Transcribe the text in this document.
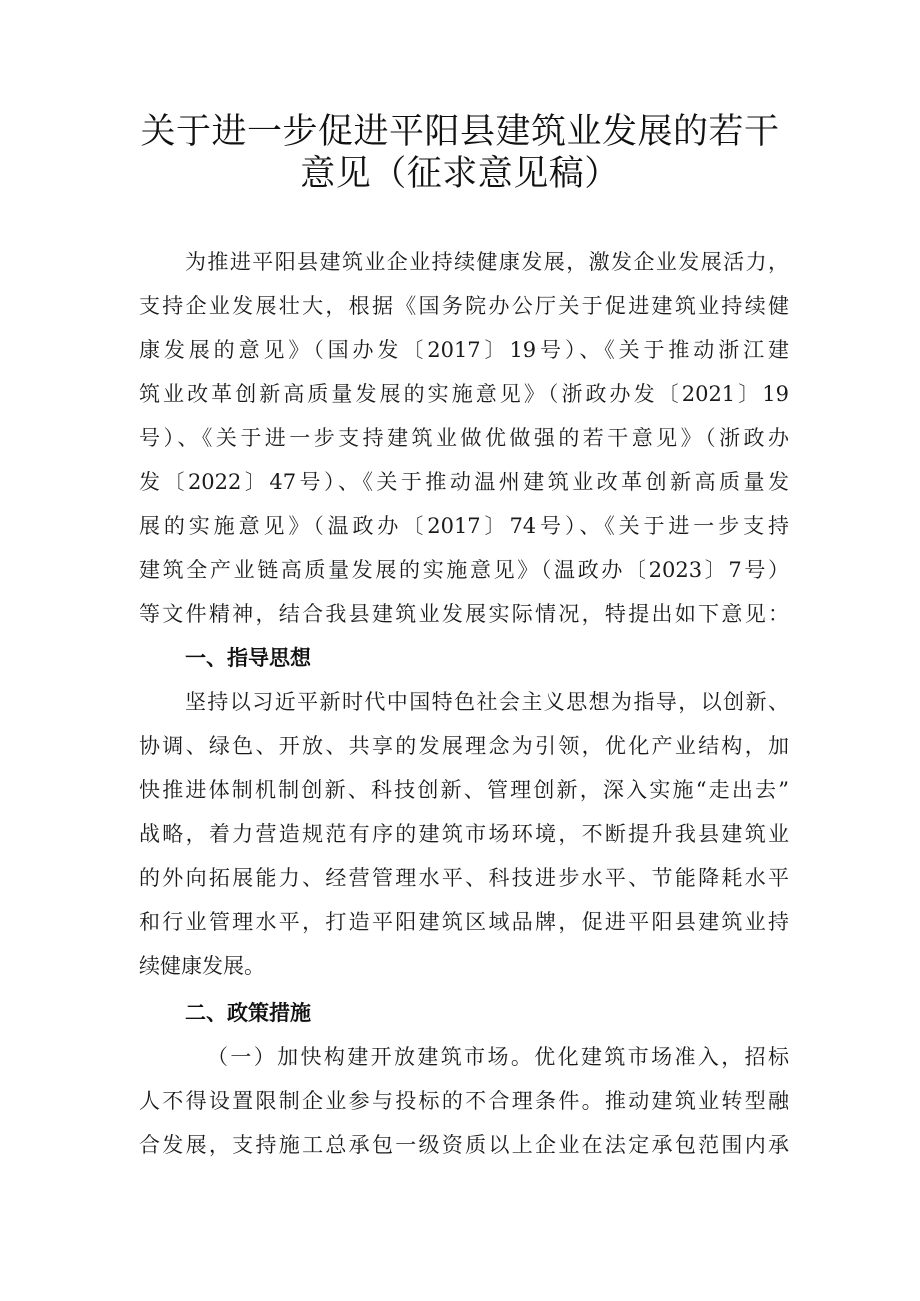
关于进一步促进平阳县建筑业发展的若干
意见（征求意见稿）
为推进平阳县建筑业企业持续健康发展，激发企业发展活力，
支持企业发展壮大，根据《国务院办公厅关于促进建筑业持续健
康发展的意见》（国办发〔2017〕19号）、《关于推动浙江建
筑业改革创新高质量发展的实施意见》（浙政办发〔2021〕19
号）、《关于进一步支持建筑业做优做强的若干意见》（浙政办
发〔2022〕47号）、《关于推动温州建筑业改革创新高质量发
展的实施意见》（温政办〔2017〕74号）、《关于进一步支持
建筑全产业链高质量发展的实施意见》（温政办〔2023〕7号）
等文件精神，结合我县建筑业发展实际情况，特提出如下意见：
一、指导思想
坚持以习近平新时代中国特色社会主义思想为指导，以创新、
协调、绿色、开放、共享的发展理念为引领，优化产业结构，加
快推进体制机制创新、科技创新、管理创新，深入实施“走出去”
战略，着力营造规范有序的建筑市场环境，不断提升我县建筑业
的外向拓展能力、经营管理水平、科技进步水平、节能降耗水平
和行业管理水平，打造平阳建筑区域品牌，促进平阳县建筑业持
续健康发展。
二、政策措施
（一）加快构建开放建筑市场。优化建筑市场准入，招标
人不得设置限制企业参与投标的不合理条件。推动建筑业转型融
合发展，支持施工总承包一级资质以上企业在法定承包范围内承
